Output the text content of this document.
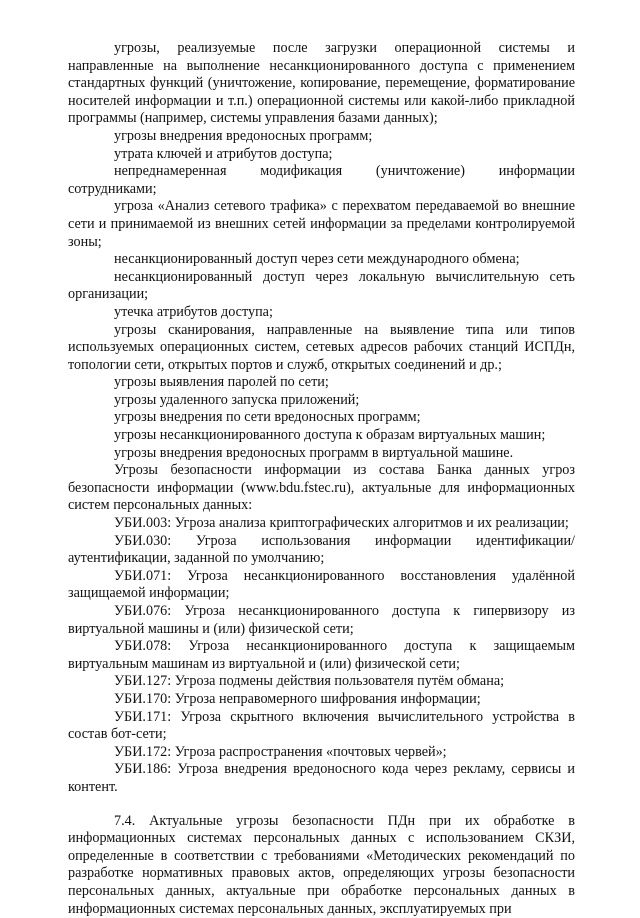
угрозы, реализуемые после загрузки операционной системы и направленные на выполнение несанкционированного доступа с применением стандартных функций (уничтожение, копирование, перемещение, форматирование носителей информации и т.п.) операционной системы или какой-либо прикладной программы (например, системы управления базами данных);

угрозы внедрения вредоносных программ;

утрата ключей и атрибутов доступа;

непреднамеренная модификация (уничтожение) информации сотрудниками;

угроза «Анализ сетевого трафика» с перехватом передаваемой во внешние сети и принимаемой из внешних сетей информации за пределами контролируемой зоны;

несанкционированный доступ через сети международного обмена;

несанкционированный доступ через локальную вычислительную сеть организации;

утечка атрибутов доступа;

угрозы сканирования, направленные на выявление типа или типов используемых операционных систем, сетевых адресов рабочих станций ИСПДн, топологии сети, открытых портов и служб, открытых соединений и др.;

угрозы выявления паролей по сети;

угрозы удаленного запуска приложений;

угрозы внедрения по сети вредоносных программ;

угрозы несанкционированного доступа к образам виртуальных машин;

угрозы внедрения вредоносных программ в виртуальной машине.

Угрозы безопасности информации из состава Банка данных угроз безопасности информации (www.bdu.fstec.ru), актуальные для информационных систем персональных данных:

УБИ.003: Угроза анализа криптографических алгоритмов и их реализации;

УБИ.030: Угроза использования информации идентификации/аутентификации, заданной по умолчанию;

УБИ.071: Угроза несанкционированного восстановления удалённой защищаемой информации;

УБИ.076: Угроза несанкционированного доступа к гипервизору из виртуальной машины и (или) физической сети;

УБИ.078: Угроза несанкционированного доступа к защищаемым виртуальным машинам из виртуальной и (или) физической сети;

УБИ.127: Угроза подмены действия пользователя путём обмана;

УБИ.170: Угроза неправомерного шифрования информации;

УБИ.171: Угроза скрытного включения вычислительного устройства в состав бот-сети;

УБИ.172: Угроза распространения «почтовых червей»;

УБИ.186: Угроза внедрения вредоносного кода через рекламу, сервисы и контент.

7.4. Актуальные угрозы безопасности ПДн при их обработке в информационных системах персональных данных с использованием СКЗИ, определенные в соответствии с требованиями «Методических рекомендаций по разработке нормативных правовых актов, определяющих угрозы безопасности персональных данных, актуальные при обработке персональных данных в информационных системах персональных данных, эксплуатируемых при
